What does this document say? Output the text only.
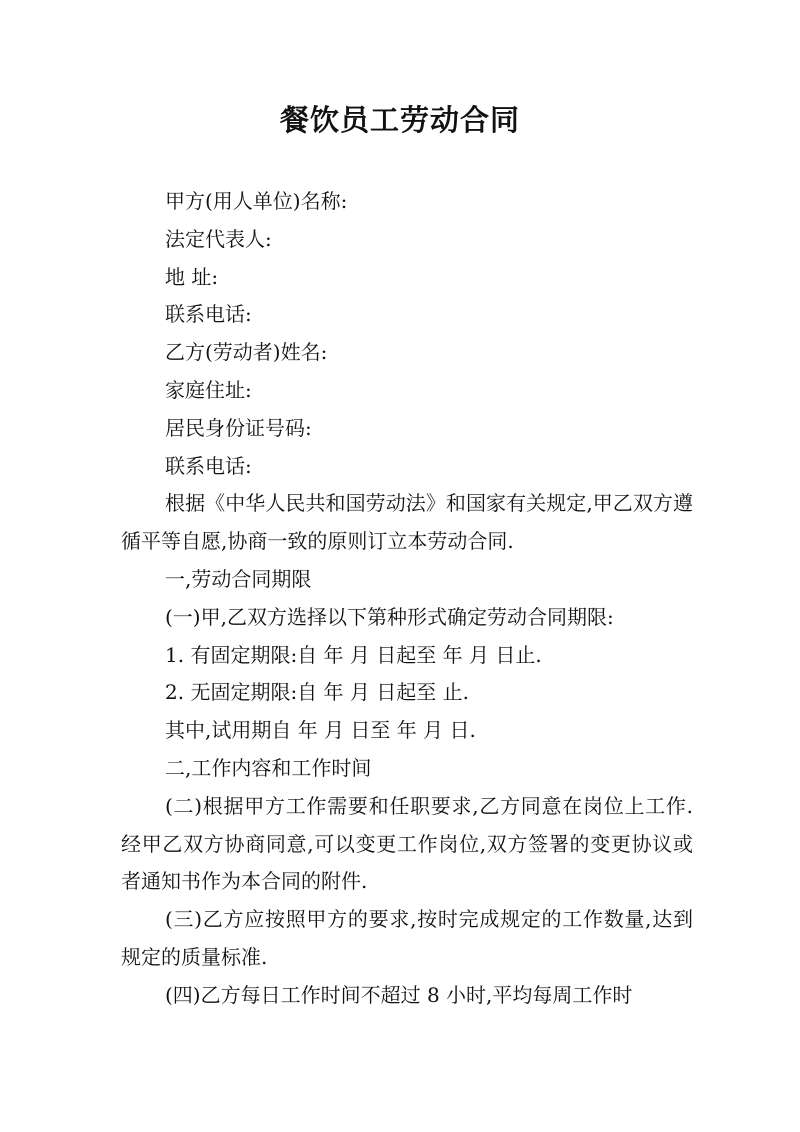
餐饮员工劳动合同
甲方(用人单位)名称:
法定代表人:
地 址:
联系电话:
乙方(劳动者)姓名:
家庭住址:
居民身份证号码:
联系电话:
根据《中华人民共和国劳动法》和国家有关规定,甲乙双方遵循平等自愿,协商一致的原则订立本劳动合同.
一,劳动合同期限
(一)甲,乙双方选择以下第种形式确定劳动合同期限:
1. 有固定期限:自 年 月 日起至 年 月 日止.
2. 无固定期限:自 年 月 日起至 止.
其中,试用期自 年 月 日至 年 月 日.
二,工作内容和工作时间
(二)根据甲方工作需要和任职要求,乙方同意在岗位上工作.经甲乙双方协商同意,可以变更工作岗位,双方签署的变更协议或者通知书作为本合同的附件.
(三)乙方应按照甲方的要求,按时完成规定的工作数量,达到规定的质量标准.
(四)乙方每日工作时间不超过 8 小时,平均每周工作时
